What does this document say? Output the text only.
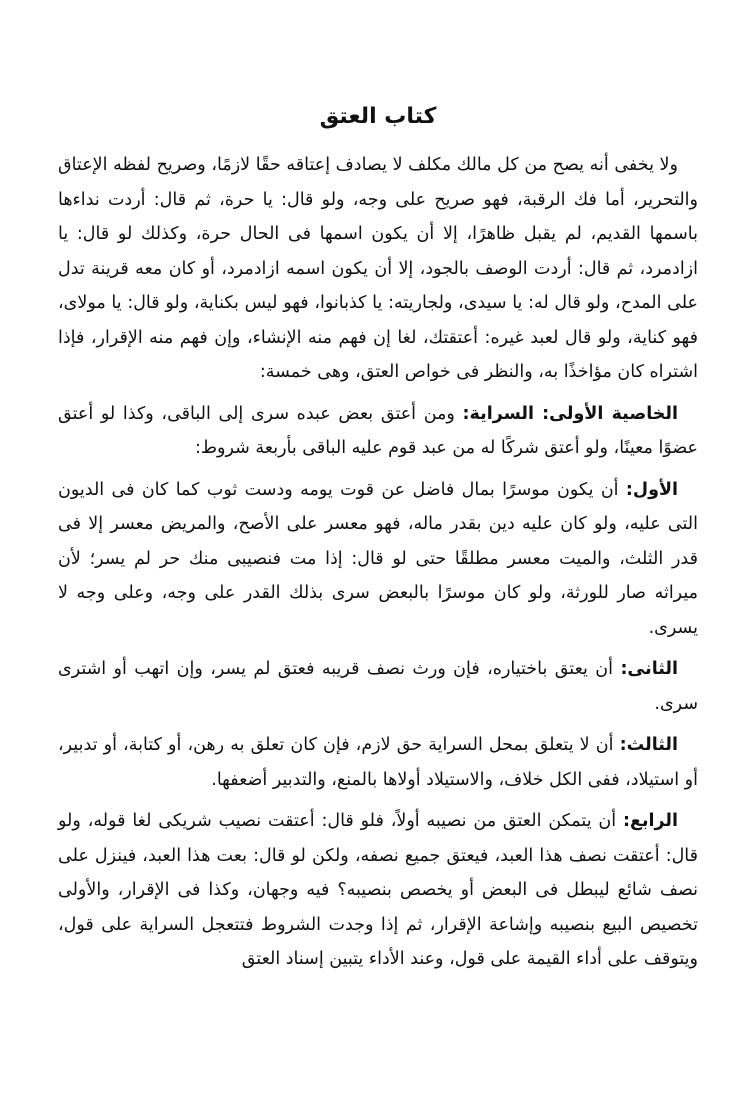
كتاب العتق

ولا يخفى أنه يصح من كل مالك مكلف لا يصادف إعتاقه حقًا لازمًا، وصريح لفظه الإعتاق والتحرير، أما فك الرقبة، فهو صريح على وجه، ولو قال: يا حرة، ثم قال: أردت نداءها باسمها القديم، لم يقبل ظاهرًا، إلا أن يكون اسمها فى الحال حرة، وكذلك لو قال: يا ازادمرد، ثم قال: أردت الوصف بالجود، إلا أن يكون اسمه ازادمرد، أو كان معه قرينة تدل على المدح، ولو قال له: يا سيدى، ولجاريته: يا كذبانوا، فهو ليس بكناية، ولو قال: يا مولاى، فهو كناية، ولو قال لعبد غيره: أعتقتك، لغا إن فهم منه الإنشاء، وإن فهم منه الإقرار، فإذا اشتراه كان مؤاخذًا به، والنظر فى خواص العتق، وهى خمسة:

الخاصية الأولى: السراية: ومن أعتق بعض عبده سرى إلى الباقى، وكذا لو أعتق عضوًا معينًا، ولو أعتق شركًا له من عبد قوم عليه الباقى بأربعة شروط:

الأول: أن يكون موسرًا بمال فاضل عن قوت يومه ودست ثوب كما كان فى الديون التى عليه، ولو كان عليه دين بقدر ماله، فهو معسر على الأصح، والمريض معسر إلا فى قدر الثلث، والميت معسر مطلقًا حتى لو قال: إذا مت فنصيبى منك حر لم يسر؛ لأن ميراثه صار للورثة، ولو كان موسرًا بالبعض سرى بذلك القدر على وجه، وعلى وجه لا يسرى.

الثانى: أن يعتق باختياره، فإن ورث نصف قريبه فعتق لم يسر، وإن اتهب أو اشترى سرى.

الثالث: أن لا يتعلق بمحل السراية حق لازم، فإن كان تعلق به رهن، أو كتابة، أو تدبير، أو استيلاد، ففى الكل خلاف، والاستيلاد أولاها بالمنع، والتدبير أضعفها.

الرابع: أن يتمكن العتق من نصيبه أولاً، فلو قال: أعتقت نصيب شريكى لغا قوله، ولو قال: أعتقت نصف هذا العبد، فيعتق جميع نصفه، ولكن لو قال: بعت هذا العبد، فينزل على نصف شائع ليبطل فى البعض أو يخصص بنصيبه؟ فيه وجهان، وكذا فى الإقرار، والأولى تخصيص البيع بنصيبه وإشاعة الإقرار، ثم إذا وجدت الشروط فتتعجل السراية على قول، ويتوقف على أداء القيمة على قول، وعند الأداء يتبين إسناد العتق
